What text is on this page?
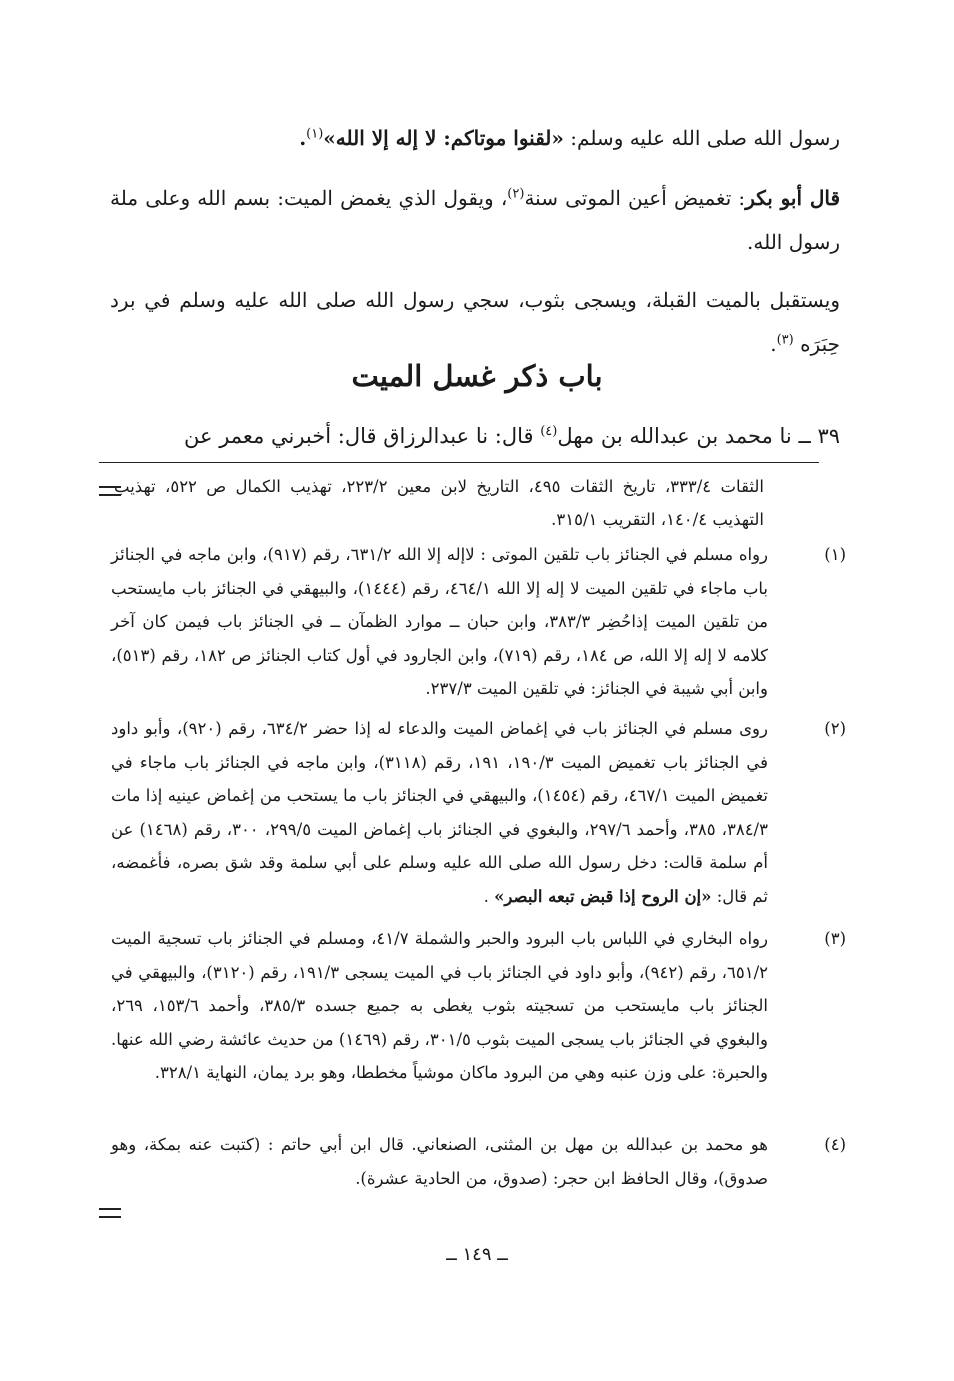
رسول الله صلى الله عليه وسلم: «لقنوا موتاكم: لا إله إلا الله»$^{(١)}$.
قال أبو بكر: تغميض أعين الموتى سنة$^{(٢)}$، ويقول الذي يغمض الميت: بسم الله وعلى ملة رسول الله.
ويستقبل بالميت القبلة، ويسجى بثوب، سجي رسول الله صلى الله عليه وسلم في برد حِبَرَه $^{(٣)}$.
باب ذكر غسل الميت
٣٩ ــ نا محمد بن عبدالله بن مهل$^{(٤)}$ قال: نا عبدالرزاق قال: أخبرني معمر عن
الثقات ٣٣٣/٤، تاريخ الثقات ٤٩٥، التاريخ لابن معين ٢٢٣/٢، تهذيب الكمال ص ٥٢٢، تهذيب التهذيب ١٤٠/٤، التقريب ٣١٥/١.
(١)
رواه مسلم في الجنائز باب تلقين الموتى : لاإله إلا الله ٦٣١/٢، رقم (٩١٧)، وابن ماجه في الجنائز باب ماجاء في تلقين الميت لا إله إلا الله ٤٦٤/١، رقم (١٤٤٤)، والبيهقي في الجنائز باب مايستحب من تلقين الميت إذاحُضِر ٣٨٣/٣، وابن حبان ــ موارد الظمآن ــ في الجنائز باب فيمن كان آخر كلامه لا إله إلا الله، ص ١٨٤، رقم (٧١٩)، وابن الجارود في أول كتاب الجنائز ص ١٨٢، رقم (٥١٣)، وابن أبي شيبة في الجنائز: في تلقين الميت ٢٣٧/٣.
(٢)
روى مسلم في الجنائز باب في إغماض الميت والدعاء له إذا حضر ٦٣٤/٢، رقم (٩٢٠)، وأبو داود في الجنائز باب تغميض الميت ١٩٠/٣، ١٩١، رقم (٣١١٨)، وابن ماجه في الجنائز باب ماجاء في تغميض الميت ٤٦٧/١، رقم (١٤٥٤)، والبيهقي في الجنائز باب ما يستحب من إغماض عينيه إذا مات ٣٨٤/٣، ٣٨٥، وأحمد ٢٩٧/٦، والبغوي في الجنائز باب إغماض الميت ٢٩٩/٥، ٣٠٠، رقم (١٤٦٨) عن أم سلمة قالت: دخل رسول الله صلى الله عليه وسلم على أبي سلمة وقد شق بصره، فأغمضه، ثم قال: «إن الروح إذا قبض تبعه البصر» .
(٣)
رواه البخاري في اللباس باب البرود والحبر والشملة ٤١/٧، ومسلم في الجنائز باب تسجية الميت ٦٥١/٢، رقم (٩٤٢)، وأبو داود في الجنائز باب في الميت يسجى ١٩١/٣، رقم (٣١٢٠)، والبيهقي في الجنائز باب مايستحب من تسجيته بثوب يغطى به جميع جسده ٣٨٥/٣، وأحمد ١٥٣/٦، ٢٦٩، والبغوي في الجنائز باب يسجى الميت بثوب ٣٠١/٥، رقم (١٤٦٩) من حديث عائشة رضي الله عنها. والحبرة: على وزن عنبه وهي من البرود ماكان موشياً مخططا، وهو برد يمان، النهاية ٣٢٨/١.
(٤)
هو محمد بن عبدالله بن مهل بن المثنى، الصنعاني. قال ابن أبي حاتم : (كتبت عنه بمكة، وهو صدوق)، وقال الحافظ ابن حجر: (صدوق، من الحادية عشرة).
ــ ١٤٩ ــ
